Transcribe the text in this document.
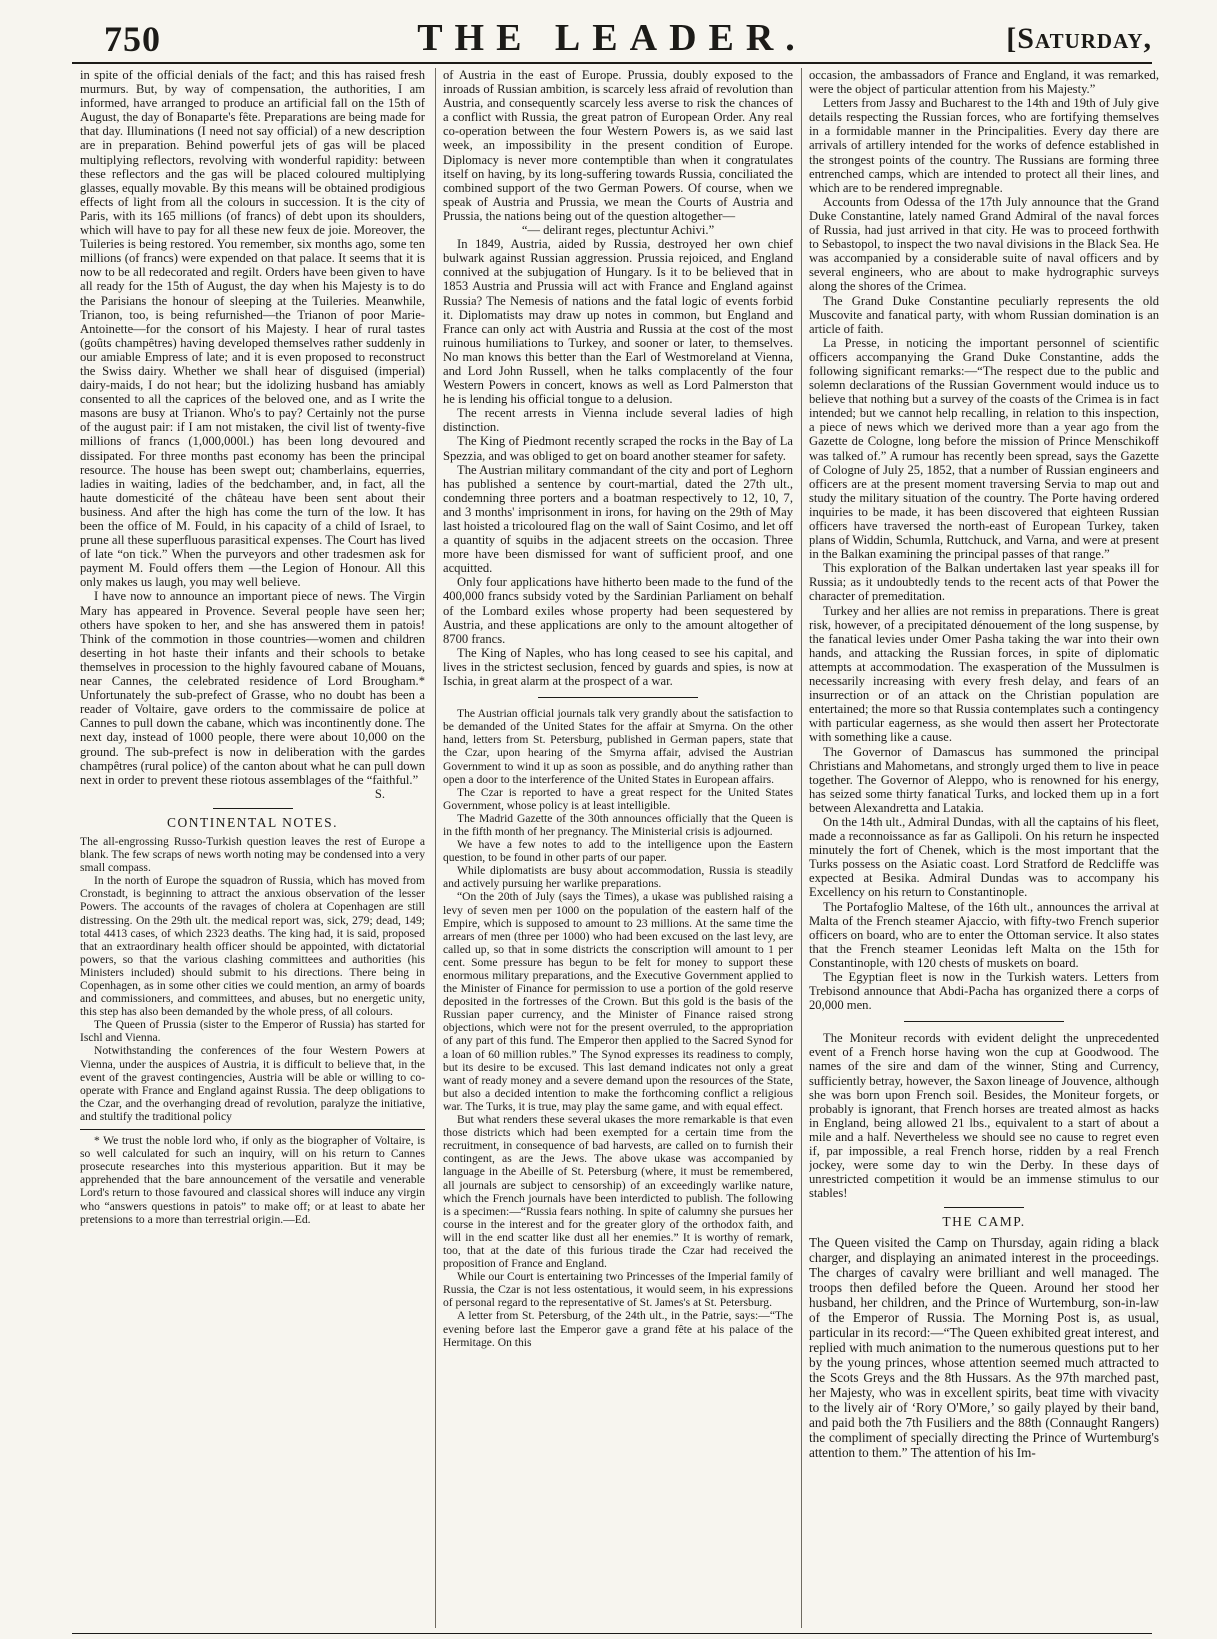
750	THE LEADER.	[Saturday,

in spite of the official denials of the fact; and this has raised fresh murmurs. But, by way of compensation, the authorities, I am informed, have arranged to produce an artificial fall on the 15th of August, the day of Bonaparte's fête. Preparations are being made for that day. Illuminations (I need not say official) of a new description are in preparation. Behind powerful jets of gas will be placed multiplying reflectors, revolving with wonderful rapidity: between these reflectors and the gas will be placed coloured multiplying glasses, equally movable. By this means will be obtained prodigious effects of light from all the colours in succession. It is the city of Paris, with its 165 millions (of francs) of debt upon its shoulders, which will have to pay for all these new feux de joie. Moreover, the Tuileries is being restored. You remember, six months ago, some ten millions (of francs) were expended on that palace. It seems that it is now to be all redecorated and regilt. Orders have been given to have all ready for the 15th of August, the day when his Majesty is to do the Parisians the honour of sleeping at the Tuileries. Meanwhile, Trianon, too, is being refurnished—the Trianon of poor Marie-Antoinette—for the consort of his Majesty. I hear of rural tastes (goûts champêtres) having developed themselves rather suddenly in our amiable Empress of late; and it is even proposed to reconstruct the Swiss dairy. Whether we shall hear of disguised (imperial) dairy-maids, I do not hear; but the idolizing husband has amiably consented to all the caprices of the beloved one, and as I write the masons are busy at Trianon. Who's to pay? Certainly not the purse of the august pair: if I am not mistaken, the civil list of twenty-five millions of francs (1,000,000l.) has been long devoured and dissipated. For three months past economy has been the principal resource. The house has been swept out; chamberlains, equerries, ladies in waiting, ladies of the bedchamber, and, in fact, all the haute domesticité of the château have been sent about their business. And after the high has come the turn of the low. It has been the office of M. Fould, in his capacity of a child of Israel, to prune all these superfluous parasitical expenses. The Court has lived of late “on tick.” When the purveyors and other tradesmen ask for payment M. Fould offers them —the Legion of Honour. All this only makes us laugh, you may well believe.

I have now to announce an important piece of news. The Virgin Mary has appeared in Provence. Several people have seen her; others have spoken to her, and she has answered them in patois! Think of the commotion in those countries—women and children deserting in hot haste their infants and their schools to betake themselves in procession to the highly favoured cabane of Mouans, near Cannes, the celebrated residence of Lord Brougham.* Unfortunately the sub-prefect of Grasse, who no doubt has been a reader of Voltaire, gave orders to the commissaire de police at Cannes to pull down the cabane, which was incontinently done. The next day, instead of 1000 people, there were about 10,000 on the ground. The sub-prefect is now in deliberation with the gardes champêtres (rural police) of the canton about what he can pull down next in order to prevent these riotous assemblages of the “faithful.”

S.
CONTINENTAL NOTES.

The all-engrossing Russo-Turkish question leaves the rest of Europe a blank. The few scraps of news worth noting may be condensed into a very small compass.

In the north of Europe the squadron of Russia, which has moved from Cronstadt, is beginning to attract the anxious observation of the lesser Powers. The accounts of the ravages of cholera at Copenhagen are still distressing. On the 29th ult. the medical report was, sick, 279; dead, 149; total 4413 cases, of which 2323 deaths. The king had, it is said, proposed that an extraordinary health officer should be appointed, with dictatorial powers, so that the various clashing committees and authorities (his Ministers included) should submit to his directions. There being in Copenhagen, as in some other cities we could mention, an army of boards and commissioners, and committees, and abuses, but no energetic unity, this step has also been demanded by the whole press, of all colours.

The Queen of Prussia (sister to the Emperor of Russia) has started for Ischl and Vienna.

Notwithstanding the conferences of the four Western Powers at Vienna, under the auspices of Austria, it is difficult to believe that, in the event of the gravest contingencies, Austria will be able or willing to co-operate with France and England against Russia. The deep obligations to the Czar, and the overhanging dread of revolution, paralyze the initiative, and stultify the traditional policy

* We trust the noble lord who, if only as the biographer of Voltaire, is so well calculated for such an inquiry, will on his return to Cannes prosecute researches into this mysterious apparition. But it may be apprehended that the bare announcement of the versatile and venerable Lord's return to those favoured and classical shores will induce any virgin who “answers questions in patois” to make off; or at least to abate her pretensions to a more than terrestrial origin.—Ed.

of Austria in the east of Europe. Prussia, doubly exposed to the inroads of Russian ambition, is scarcely less afraid of revolution than Austria, and consequently scarcely less averse to risk the chances of a conflict with Russia, the great patron of European Order. Any real co-operation between the four Western Powers is, as we said last week, an impossibility in the present condition of Europe. Diplomacy is never more contemptible than when it congratulates itself on having, by its long-suffering towards Russia, conciliated the combined support of the two German Powers. Of course, when we speak of Austria and Prussia, we mean the Courts of Austria and Prussia, the nations being out of the question altogether—

“— delirant reges, plectuntur Achivi.”

In 1849, Austria, aided by Russia, destroyed her own chief bulwark against Russian aggression. Prussia rejoiced, and England connived at the subjugation of Hungary. Is it to be believed that in 1853 Austria and Prussia will act with France and England against Russia? The Nemesis of nations and the fatal logic of events forbid it. Diplomatists may draw up notes in common, but England and France can only act with Austria and Russia at the cost of the most ruinous humiliations to Turkey, and sooner or later, to themselves. No man knows this better than the Earl of Westmoreland at Vienna, and Lord John Russell, when he talks complacently of the four Western Powers in concert, knows as well as Lord Palmerston that he is lending his official tongue to a delusion.

The recent arrests in Vienna include several ladies of high distinction.

The King of Piedmont recently scraped the rocks in the Bay of La Spezzia, and was obliged to get on board another steamer for safety.

The Austrian military commandant of the city and port of Leghorn has published a sentence by court-martial, dated the 27th ult., condemning three porters and a boatman respectively to 12, 10, 7, and 3 months' imprisonment in irons, for having on the 29th of May last hoisted a tricoloured flag on the wall of Saint Cosimo, and let off a quantity of squibs in the adjacent streets on the occasion. Three more have been dismissed for want of sufficient proof, and one acquitted.

Only four applications have hitherto been made to the fund of the 400,000 francs subsidy voted by the Sardinian Parliament on behalf of the Lombard exiles whose property had been sequestered by Austria, and these applications are only to the amount altogether of 8700 francs.

The King of Naples, who has long ceased to see his capital, and lives in the strictest seclusion, fenced by guards and spies, is now at Ischia, in great alarm at the prospect of a war.

The Austrian official journals talk very grandly about the satisfaction to be demanded of the United States for the affair at Smyrna. On the other hand, letters from St. Petersburg, published in German papers, state that the Czar, upon hearing of the Smyrna affair, advised the Austrian Government to wind it up as soon as possible, and do anything rather than open a door to the interference of the United States in European affairs.

The Czar is reported to have a great respect for the United States Government, whose policy is at least intelligible.

The Madrid Gazette of the 30th announces officially that the Queen is in the fifth month of her pregnancy. The Ministerial crisis is adjourned.

We have a few notes to add to the intelligence upon the Eastern question, to be found in other parts of our paper.

While diplomatists are busy about accommodation, Russia is steadily and actively pursuing her warlike preparations.

“On the 20th of July (says the Times), a ukase was published raising a levy of seven men per 1000 on the population of the eastern half of the Empire, which is supposed to amount to 23 millions. At the same time the arrears of men (three per 1000) who had been excused on the last levy, are called up, so that in some districts the conscription will amount to 1 per cent. Some pressure has begun to be felt for money to support these enormous military preparations, and the Executive Government applied to the Minister of Finance for permission to use a portion of the gold reserve deposited in the fortresses of the Crown. But this gold is the basis of the Russian paper currency, and the Minister of Finance raised strong objections, which were not for the present overruled, to the appropriation of any part of this fund. The Emperor then applied to the Sacred Synod for a loan of 60 million rubles.” The Synod expresses its readiness to comply, but its desire to be excused. This last demand indicates not only a great want of ready money and a severe demand upon the resources of the State, but also a decided intention to make the forthcoming conflict a religious war. The Turks, it is true, may play the same game, and with equal effect.

But what renders these several ukases the more remarkable is that even those districts which had been exempted for a certain time from the recruitment, in consequence of bad harvests, are called on to furnish their contingent, as are the Jews. The above ukase was accompanied by language in the Abeille of St. Petersburg (where, it must be remembered, all journals are subject to censorship) of an exceedingly warlike nature, which the French journals have been interdicted to publish. The following is a specimen:—“Russia fears nothing. In spite of calumny she pursues her course in the interest and for the greater glory of the orthodox faith, and will in the end scatter like dust all her enemies.” It is worthy of remark, too, that at the date of this furious tirade the Czar had received the proposition of France and England.

While our Court is entertaining two Princesses of the Imperial family of Russia, the Czar is not less ostentatious, it would seem, in his expressions of personal regard to the representative of St. James's at St. Petersburg.

A letter from St. Petersburg, of the 24th ult., in the Patrie, says:—“The evening before last the Emperor gave a grand fête at his palace of the Hermitage. On this

occasion, the ambassadors of France and England, it was remarked, were the object of particular attention from his Majesty.”

Letters from Jassy and Bucharest to the 14th and 19th of July give details respecting the Russian forces, who are fortifying themselves in a formidable manner in the Principalities. Every day there are arrivals of artillery intended for the works of defence established in the strongest points of the country. The Russians are forming three entrenched camps, which are intended to protect all their lines, and which are to be rendered impregnable.

Accounts from Odessa of the 17th July announce that the Grand Duke Constantine, lately named Grand Admiral of the naval forces of Russia, had just arrived in that city. He was to proceed forthwith to Sebastopol, to inspect the two naval divisions in the Black Sea. He was accompanied by a considerable suite of naval officers and by several engineers, who are about to make hydrographic surveys along the shores of the Crimea.

The Grand Duke Constantine peculiarly represents the old Muscovite and fanatical party, with whom Russian domination is an article of faith.

La Presse, in noticing the important personnel of scientific officers accompanying the Grand Duke Constantine, adds the following significant remarks:—“The respect due to the public and solemn declarations of the Russian Government would induce us to believe that nothing but a survey of the coasts of the Crimea is in fact intended; but we cannot help recalling, in relation to this inspection, a piece of news which we derived more than a year ago from the Gazette de Cologne, long before the mission of Prince Menschikoff was talked of.” A rumour has recently been spread, says the Gazette of Cologne of July 25, 1852, that a number of Russian engineers and officers are at the present moment traversing Servia to map out and study the military situation of the country. The Porte having ordered inquiries to be made, it has been discovered that eighteen Russian officers have traversed the north-east of European Turkey, taken plans of Widdin, Schumla, Ruttchuck, and Varna, and were at present in the Balkan examining the principal passes of that range.”

This exploration of the Balkan undertaken last year speaks ill for Russia; as it undoubtedly tends to the recent acts of that Power the character of premeditation.

Turkey and her allies are not remiss in preparations. There is great risk, however, of a precipitated dénouement of the long suspense, by the fanatical levies under Omer Pasha taking the war into their own hands, and attacking the Russian forces, in spite of diplomatic attempts at accommodation. The exasperation of the Mussulmen is necessarily increasing with every fresh delay, and fears of an insurrection or of an attack on the Christian population are entertained; the more so that Russia contemplates such a contingency with particular eagerness, as she would then assert her Protectorate with something like a cause.

The Governor of Damascus has summoned the principal Christians and Mahometans, and strongly urged them to live in peace together. The Governor of Aleppo, who is renowned for his energy, has seized some thirty fanatical Turks, and locked them up in a fort between Alexandretta and Latakia.

On the 14th ult., Admiral Dundas, with all the captains of his fleet, made a reconnoissance as far as Gallipoli. On his return he inspected minutely the fort of Chenek, which is the most important that the Turks possess on the Asiatic coast. Lord Stratford de Redcliffe was expected at Besika. Admiral Dundas was to accompany his Excellency on his return to Constantinople.

The Portafoglio Maltese, of the 16th ult., announces the arrival at Malta of the French steamer Ajaccio, with fifty-two French superior officers on board, who are to enter the Ottoman service. It also states that the French steamer Leonidas left Malta on the 15th for Constantinople, with 120 chests of muskets on board.

The Egyptian fleet is now in the Turkish waters. Letters from Trebisond announce that Abdi-Pacha has organized there a corps of 20,000 men.

The Moniteur records with evident delight the unprecedented event of a French horse having won the cup at Goodwood. The names of the sire and dam of the winner, Sting and Currency, sufficiently betray, however, the Saxon lineage of Jouvence, although she was born upon French soil. Besides, the Moniteur forgets, or probably is ignorant, that French horses are treated almost as hacks in England, being allowed 21 lbs., equivalent to a start of about a mile and a half. Nevertheless we should see no cause to regret even if, par impossible, a real French horse, ridden by a real French jockey, were some day to win the Derby. In these days of unrestricted competition it would be an immense stimulus to our stables!

THE CAMP.

The Queen visited the Camp on Thursday, again riding a black charger, and displaying an animated interest in the proceedings. The charges of cavalry were brilliant and well managed. The troops then defiled before the Queen. Around her stood her husband, her children, and the Prince of Wurtemburg, son-in-law of the Emperor of Russia. The Morning Post is, as usual, particular in its record:—“The Queen exhibited great interest, and replied with much animation to the numerous questions put to her by the young princes, whose attention seemed much attracted to the Scots Greys and the 8th Hussars. As the 97th marched past, her Majesty, who was in excellent spirits, beat time with vivacity to the lively air of ‘Rory O'More,’ so gaily played by their band, and paid both the 7th Fusiliers and the 88th (Connaught Rangers) the compliment of specially directing the Prince of Wurtemburg's attention to them.” The attention of his Im-
